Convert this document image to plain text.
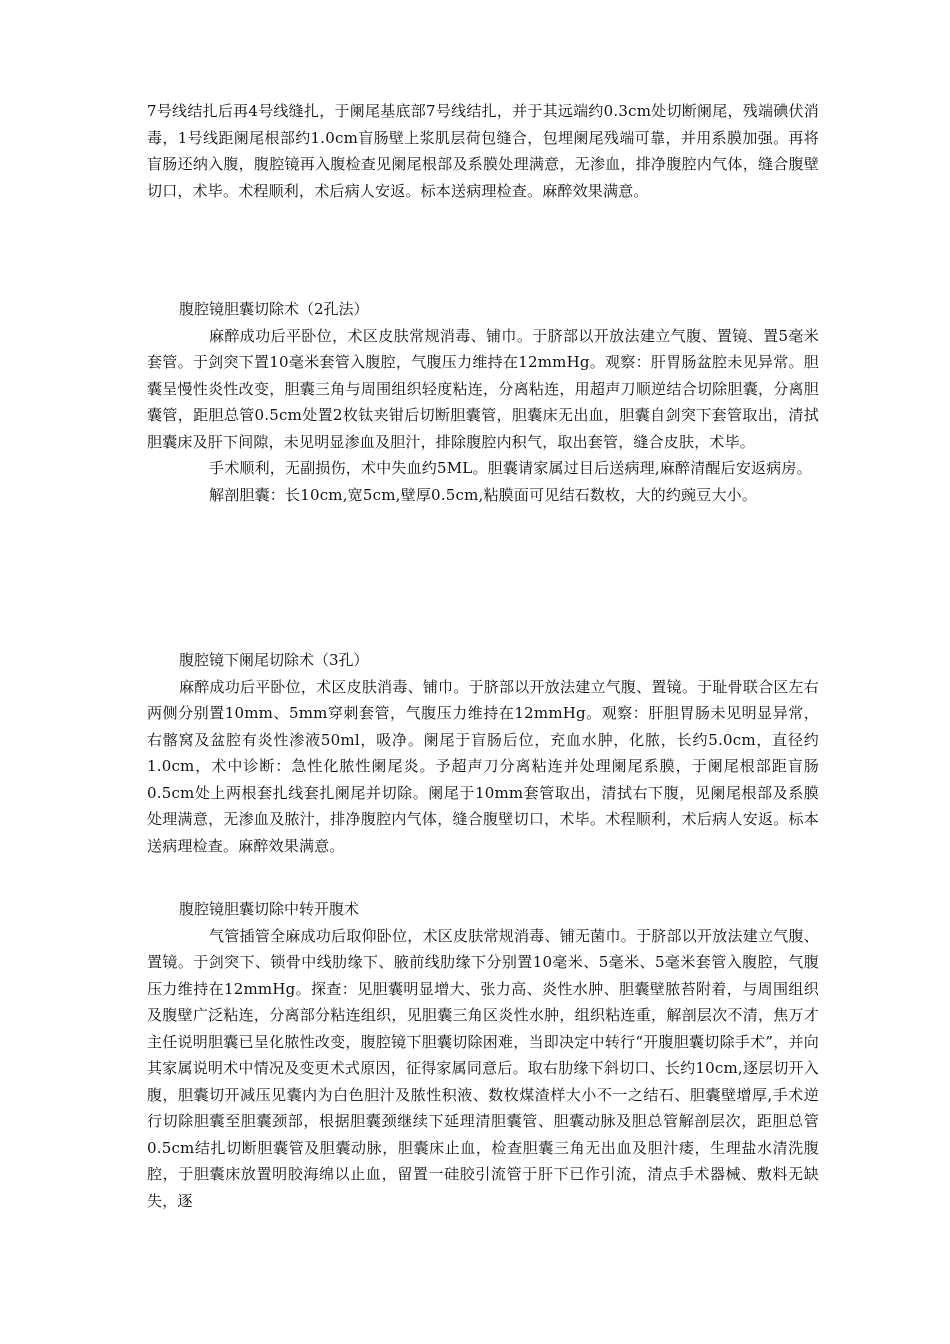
7号线结扎后再4号线缝扎，于阑尾基底部7号线结扎，并于其远端约0.3cm处切断阑尾，残端碘伏消毒，1号线距阑尾根部约1.0cm盲肠壁上浆肌层荷包缝合，包埋阑尾残端可靠，并用系膜加强。再将盲肠还纳入腹，腹腔镜再入腹检查见阑尾根部及系膜处理满意，无渗血，排净腹腔内气体，缝合腹壁切口，术毕。术程顺利，术后病人安返。标本送病理检查。麻醉效果满意。

腹腔镜胆囊切除术（2孔法）

麻醉成功后平卧位，术区皮肤常规消毒、铺巾。于脐部以开放法建立气腹、置镜、置5毫米套管。于剑突下置10毫米套管入腹腔，气腹压力维持在12mmHg。观察：肝胃肠盆腔未见异常。胆囊呈慢性炎性改变，胆囊三角与周围组织轻度粘连，分离粘连，用超声刀顺逆结合切除胆囊，分离胆囊管，距胆总管0.5cm处置2枚钛夹钳后切断胆囊管，胆囊床无出血，胆囊自剑突下套管取出，清拭胆囊床及肝下间隙，未见明显渗血及胆汁，排除腹腔内积气，取出套管，缝合皮肤，术毕。

手术顺利，无副损伤，术中失血约5ML。胆囊请家属过目后送病理,麻醉清醒后安返病房。

解剖胆囊：长10cm,宽5cm,壁厚0.5cm,粘膜面可见结石数枚，大的约豌豆大小。

腹腔镜下阑尾切除术（3孔）

麻醉成功后平卧位，术区皮肤消毒、铺巾。于脐部以开放法建立气腹、置镜。于耻骨联合区左右两侧分别置10mm、5mm穿刺套管，气腹压力维持在12mmHg。观察：肝胆胃肠未见明显异常，右髂窝及盆腔有炎性渗液50ml，吸净。阑尾于盲肠后位，充血水肿，化脓，长约5.0cm，直径约1.0cm，术中诊断：急性化脓性阑尾炎。予超声刀分离粘连并处理阑尾系膜，于阑尾根部距盲肠0.5cm处上两根套扎线套扎阑尾并切除。阑尾于10mm套管取出，清拭右下腹，见阑尾根部及系膜处理满意，无渗血及脓汁，排净腹腔内气体，缝合腹壁切口，术毕。术程顺利，术后病人安返。标本送病理检查。麻醉效果满意。

腹腔镜胆囊切除中转开腹术

气管插管全麻成功后取仰卧位，术区皮肤常规消毒、铺无菌巾。于脐部以开放法建立气腹、置镜。于剑突下、锁骨中线肋缘下、腋前线肋缘下分别置10毫米、5毫米、5毫米套管入腹腔，气腹压力维持在12mmHg。探查：见胆囊明显增大、张力高、炎性水肿、胆囊壁脓苔附着，与周围组织及腹壁广泛粘连，分离部分粘连组织，见胆囊三角区炎性水肿，组织粘连重，解剖层次不清，焦万才主任说明胆囊已呈化脓性改变，腹腔镜下胆囊切除困难，当即决定中转行“开腹胆囊切除手术”，并向其家属说明术中情况及变更术式原因，征得家属同意后。取右肋缘下斜切口、长约10cm,逐层切开入腹，胆囊切开减压见囊内为白色胆汁及脓性积液、数枚煤渣样大小不一之结石、胆囊壁增厚,手术逆行切除胆囊至胆囊颈部，根据胆囊颈继续下延理清胆囊管、胆囊动脉及胆总管解剖层次，距胆总管0.5cm结扎切断胆囊管及胆囊动脉，胆囊床止血，检查胆囊三角无出血及胆汁瘘，生理盐水清洗腹腔，于胆囊床放置明胶海绵以止血，留置一硅胶引流管于肝下已作引流，清点手术器械、敷料无缺失，逐
